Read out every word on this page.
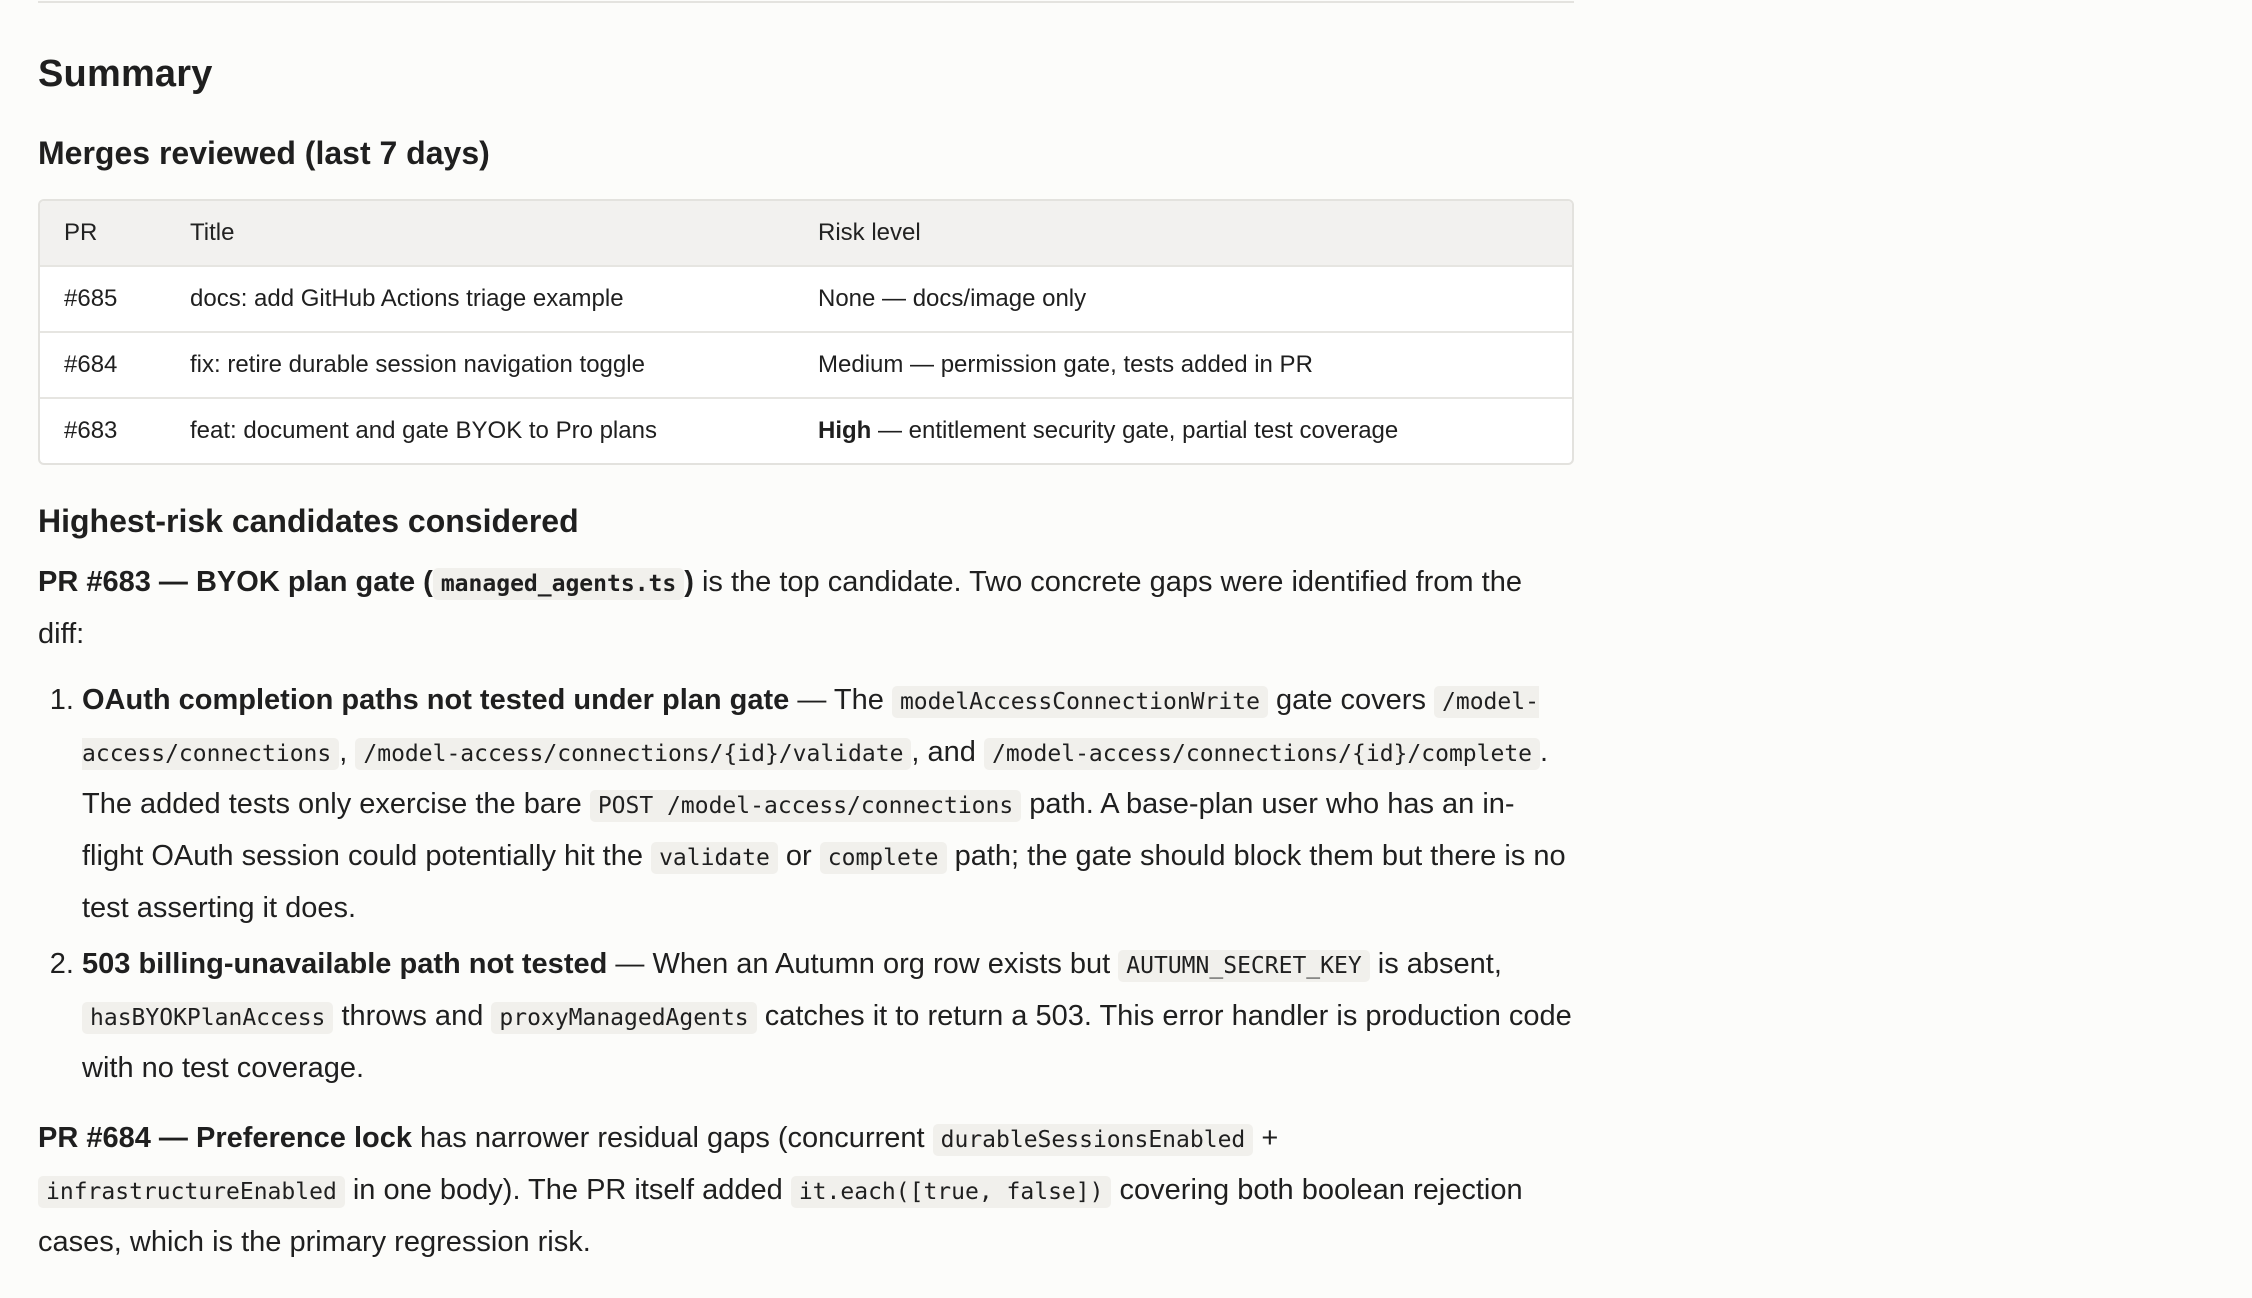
Summary
Merges reviewed (last 7 days)
PR	Title	Risk level
#685	docs: add GitHub Actions triage example	None — docs/image only
#684	fix: retire durable session navigation toggle	Medium — permission gate, tests added in PR
#683	feat: document and gate BYOK to Pro plans	High — entitlement security gate, partial test coverage
Highest-risk candidates considered

PR #683 — BYOK plan gate ( managed_agents.ts ) is the top candidate. Two concrete gaps were identified from the diff:

1. OAuth completion paths not tested under plan gate — The modelAccessConnectionWrite gate covers /model-access/connections , /model-access/connections/{id}/validate , and /model-access/connections/{id}/complete . The added tests only exercise the bare POST /model-access/connections path. A base-plan user who has an in-flight OAuth session could potentially hit the validate or complete path; the gate should block them but there is no test asserting it does.
2. 503 billing-unavailable path not tested — When an Autumn org row exists but AUTUMN_SECRET_KEY is absent, hasBYOKPlanAccess throws and proxyManagedAgents catches it to return a 503. This error handler is production code with no test coverage.

PR #684 — Preference lock has narrower residual gaps (concurrent durableSessionsEnabled + infrastructureEnabled in one body). The PR itself added it.each([true, false]) covering both boolean rejection cases, which is the primary regression risk.
